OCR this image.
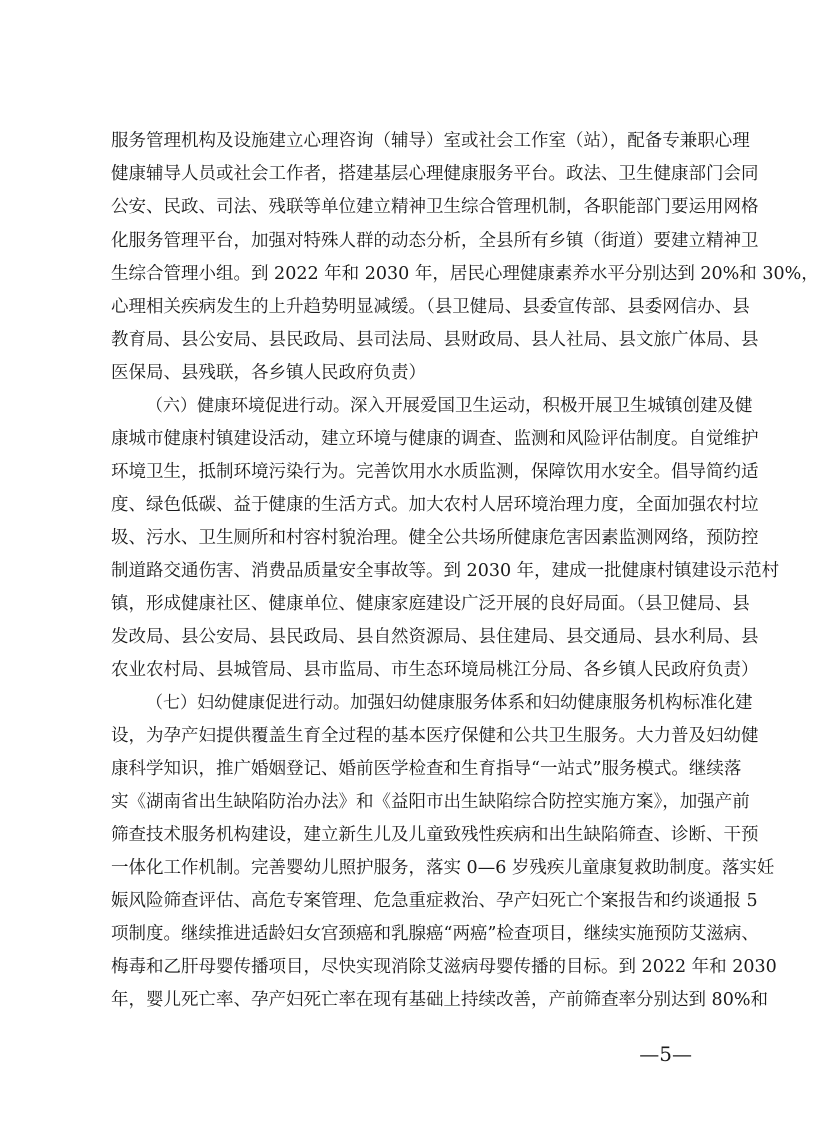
服务管理机构及设施建立心理咨询（辅导）室或社会工作室（站），配备专兼职心理
健康辅导人员或社会工作者，搭建基层心理健康服务平台。政法、卫生健康部门会同
公安、民政、司法、残联等单位建立精神卫生综合管理机制，各职能部门要运用网格
化服务管理平台，加强对特殊人群的动态分析，全县所有乡镇（街道）要建立精神卫
生综合管理小组。到 2022 年和 2030 年，居民心理健康素养水平分别达到 20%和 30%，
心理相关疾病发生的上升趋势明显减缓。（县卫健局、县委宣传部、县委网信办、县
教育局、县公安局、县民政局、县司法局、县财政局、县人社局、县文旅广体局、县
医保局、县残联，各乡镇人民政府负责）
（六）健康环境促进行动。深入开展爱国卫生运动，积极开展卫生城镇创建及健
康城市健康村镇建设活动，建立环境与健康的调查、监测和风险评估制度。自觉维护
环境卫生，抵制环境污染行为。完善饮用水水质监测，保障饮用水安全。倡导简约适
度、绿色低碳、益于健康的生活方式。加大农村人居环境治理力度，全面加强农村垃
圾、污水、卫生厕所和村容村貌治理。健全公共场所健康危害因素监测网络，预防控
制道路交通伤害、消费品质量安全事故等。到 2030 年，建成一批健康村镇建设示范村
镇，形成健康社区、健康单位、健康家庭建设广泛开展的良好局面。（县卫健局、县
发改局、县公安局、县民政局、县自然资源局、县住建局、县交通局、县水利局、县
农业农村局、县城管局、县市监局、市生态环境局桃江分局、各乡镇人民政府负责）
（七）妇幼健康促进行动。加强妇幼健康服务体系和妇幼健康服务机构标准化建
设，为孕产妇提供覆盖生育全过程的基本医疗保健和公共卫生服务。大力普及妇幼健
康科学知识，推广婚姻登记、婚前医学检查和生育指导“一站式”服务模式。继续落
实《湖南省出生缺陷防治办法》和《益阳市出生缺陷综合防控实施方案》，加强产前
筛查技术服务机构建设，建立新生儿及儿童致残性疾病和出生缺陷筛查、诊断、干预
一体化工作机制。完善婴幼儿照护服务，落实 0—6 岁残疾儿童康复救助制度。落实妊
娠风险筛查评估、高危专案管理、危急重症救治、孕产妇死亡个案报告和约谈通报 5
项制度。继续推进适龄妇女宫颈癌和乳腺癌“两癌”检查项目，继续实施预防艾滋病、
梅毒和乙肝母婴传播项目，尽快实现消除艾滋病母婴传播的目标。到 2022 年和 2030
年，婴儿死亡率、孕产妇死亡率在现有基础上持续改善，产前筛查率分别达到 80%和
—5—
